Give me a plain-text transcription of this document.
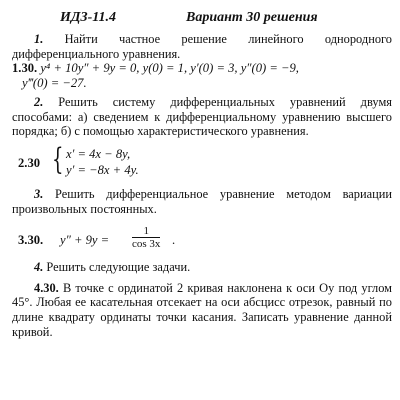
ИДЗ-11.4	Вариант 30 решения

1. Найти частное решение линейного однородного дифференциального уравнения.

1.30. y⁴ + 10y″ + 9y = 0, y(0) = 1, y′(0) = 3, y″(0) = −9,
y‴(0) = −27.

2. Решить систему дифференциальных уравнений двумя способами: а) сведением к дифференциальному уравнению высшего порядка; б) с помощью характеристического уравнения.

2.30 { x′ = 4x − 8y,
y′ = −8x + 4y.

3. Решить дифференциальное уравнение методом вариации произвольных постоянных.

3.30. y″ + 9y =
1
cos 3x .

4. Решить следующие задачи.

4.30. В точке с ординатой 2 кривая наклонена к оси Oy под углом 45°. Любая ее касательная отсекает на оси абсцисс отрезок, равный по длине квадрату ординаты точки касания. Записать уравнение данной кривой.
